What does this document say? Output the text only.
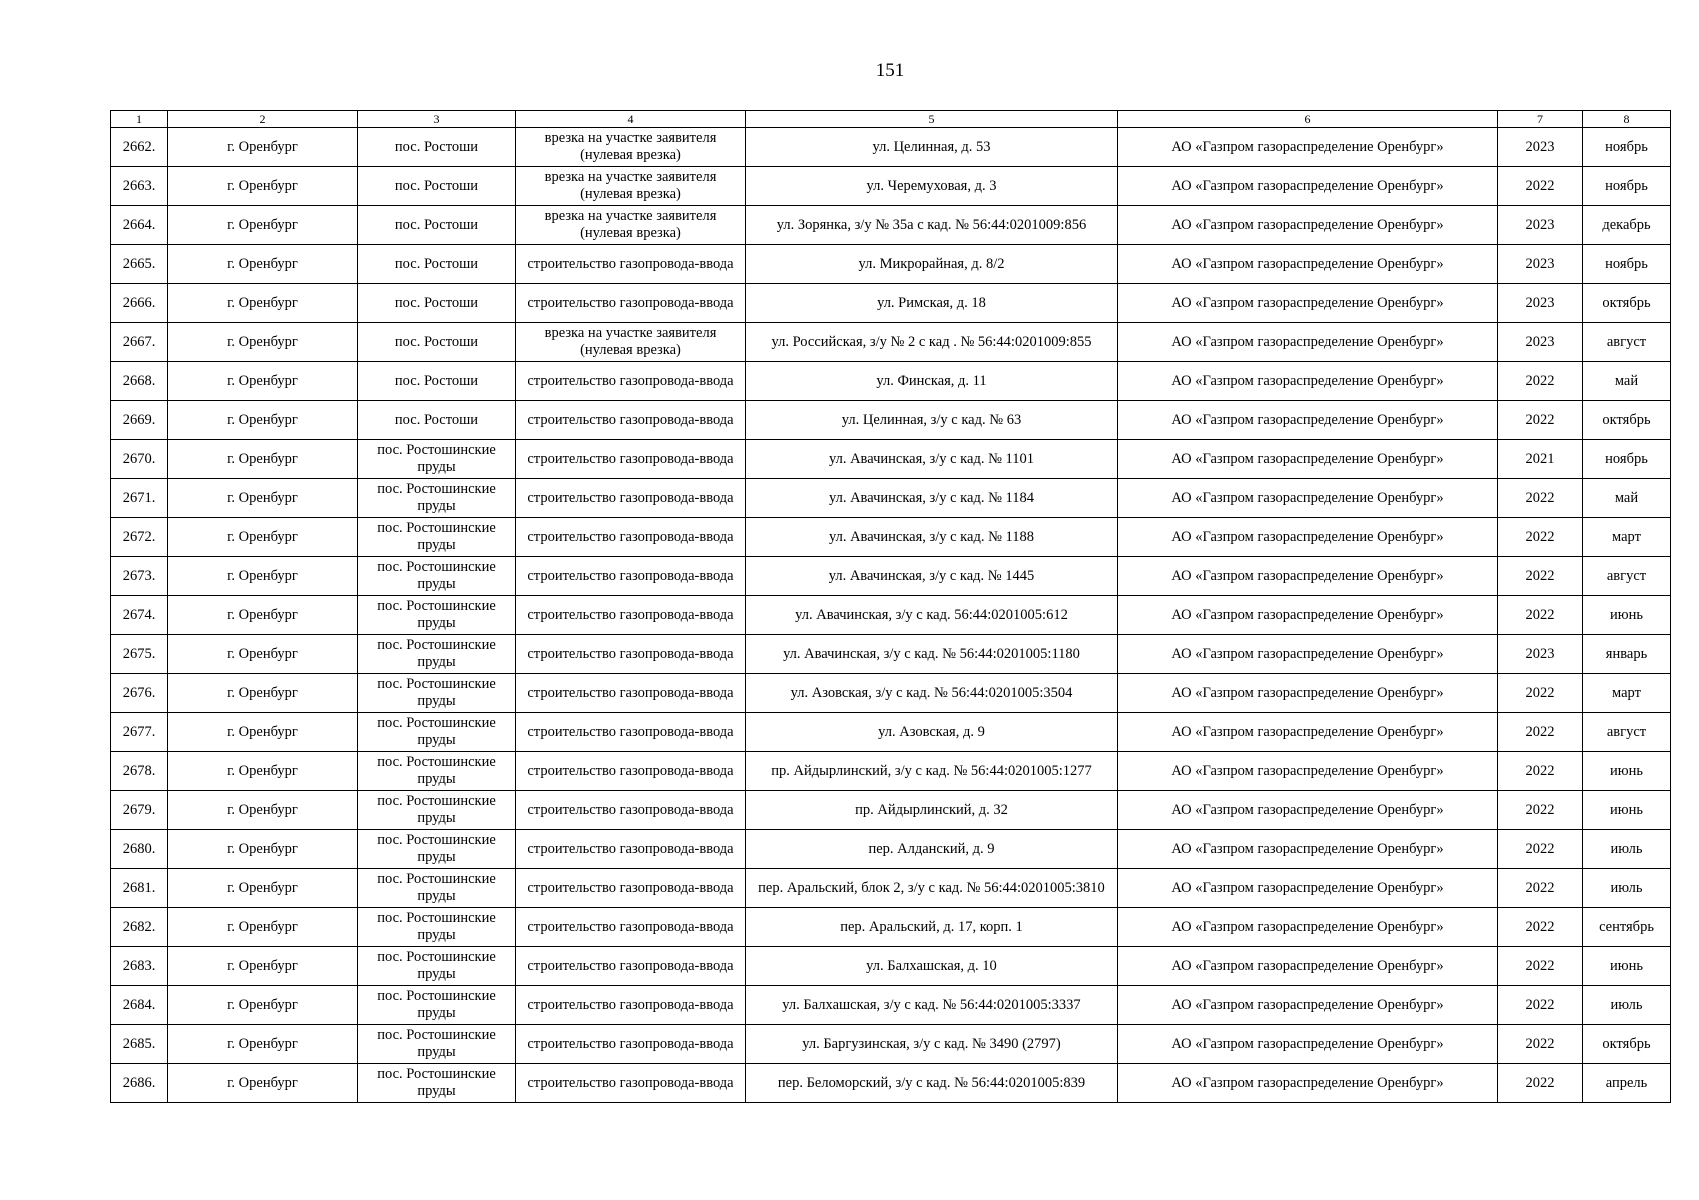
151
1	2	3	4	5	6	7	8
2662.	г. Оренбург	пос. Ростоши	врезка на участке заявителя (нулевая врезка)	ул. Целинная, д. 53	АО «Газпром газораспределение Оренбург»	2023	ноябрь
2663.	г. Оренбург	пос. Ростоши	врезка на участке заявителя (нулевая врезка)	ул. Черемуховая, д. 3	АО «Газпром газораспределение Оренбург»	2022	ноябрь
2664.	г. Оренбург	пос. Ростоши	врезка на участке заявителя (нулевая врезка)	ул. Зорянка, з/у № 35а с кад. № 56:44:0201009:856	АО «Газпром газораспределение Оренбург»	2023	декабрь
2665.	г. Оренбург	пос. Ростоши	строительство газопровода-ввода	ул. Микрорайная, д. 8/2	АО «Газпром газораспределение Оренбург»	2023	ноябрь
2666.	г. Оренбург	пос. Ростоши	строительство газопровода-ввода	ул. Римская, д. 18	АО «Газпром газораспределение Оренбург»	2023	октябрь
2667.	г. Оренбург	пос. Ростоши	врезка на участке заявителя (нулевая врезка)	ул. Российская, з/у № 2 с кад . № 56:44:0201009:855	АО «Газпром газораспределение Оренбург»	2023	август
2668.	г. Оренбург	пос. Ростоши	строительство газопровода-ввода	ул. Финская, д. 11	АО «Газпром газораспределение Оренбург»	2022	май
2669.	г. Оренбург	пос. Ростоши	строительство газопровода-ввода	ул. Целинная, з/у с кад. № 63	АО «Газпром газораспределение Оренбург»	2022	октябрь
2670.	г. Оренбург	пос. Ростошинские пруды	строительство газопровода-ввода	ул. Авачинская, з/у с кад. № 1101	АО «Газпром газораспределение Оренбург»	2021	ноябрь
2671.	г. Оренбург	пос. Ростошинские пруды	строительство газопровода-ввода	ул. Авачинская, з/у с кад. № 1184	АО «Газпром газораспределение Оренбург»	2022	май
2672.	г. Оренбург	пос. Ростошинские пруды	строительство газопровода-ввода	ул. Авачинская, з/у с кад. № 1188	АО «Газпром газораспределение Оренбург»	2022	март
2673.	г. Оренбург	пос. Ростошинские пруды	строительство газопровода-ввода	ул. Авачинская, з/у с кад. № 1445	АО «Газпром газораспределение Оренбург»	2022	август
2674.	г. Оренбург	пос. Ростошинские пруды	строительство газопровода-ввода	ул. Авачинская, з/у с кад. 56:44:0201005:612	АО «Газпром газораспределение Оренбург»	2022	июнь
2675.	г. Оренбург	пос. Ростошинские пруды	строительство газопровода-ввода	ул. Авачинская, з/у с кад. № 56:44:0201005:1180	АО «Газпром газораспределение Оренбург»	2023	январь
2676.	г. Оренбург	пос. Ростошинские пруды	строительство газопровода-ввода	ул. Азовская, з/у с кад. № 56:44:0201005:3504	АО «Газпром газораспределение Оренбург»	2022	март
2677.	г. Оренбург	пос. Ростошинские пруды	строительство газопровода-ввода	ул. Азовская, д. 9	АО «Газпром газораспределение Оренбург»	2022	август
2678.	г. Оренбург	пос. Ростошинские пруды	строительство газопровода-ввода	пр. Айдырлинский, з/у с кад. № 56:44:0201005:1277	АО «Газпром газораспределение Оренбург»	2022	июнь
2679.	г. Оренбург	пос. Ростошинские пруды	строительство газопровода-ввода	пр. Айдырлинский, д. 32	АО «Газпром газораспределение Оренбург»	2022	июнь
2680.	г. Оренбург	пос. Ростошинские пруды	строительство газопровода-ввода	пер. Алданский, д. 9	АО «Газпром газораспределение Оренбург»	2022	июль
2681.	г. Оренбург	пос. Ростошинские пруды	строительство газопровода-ввода	пер. Аральский, блок 2, з/у с кад. № 56:44:0201005:3810	АО «Газпром газораспределение Оренбург»	2022	июль
2682.	г. Оренбург	пос. Ростошинские пруды	строительство газопровода-ввода	пер. Аральский, д. 17, корп. 1	АО «Газпром газораспределение Оренбург»	2022	сентябрь
2683.	г. Оренбург	пос. Ростошинские пруды	строительство газопровода-ввода	ул. Балхашская, д. 10	АО «Газпром газораспределение Оренбург»	2022	июнь
2684.	г. Оренбург	пос. Ростошинские пруды	строительство газопровода-ввода	ул. Балхашская, з/у с кад. № 56:44:0201005:3337	АО «Газпром газораспределение Оренбург»	2022	июль
2685.	г. Оренбург	пос. Ростошинские пруды	строительство газопровода-ввода	ул. Баргузинская, з/у с кад. № 3490 (2797)	АО «Газпром газораспределение Оренбург»	2022	октябрь
2686.	г. Оренбург	пос. Ростошинские пруды	строительство газопровода-ввода	пер. Беломорский, з/у с кад. № 56:44:0201005:839	АО «Газпром газораспределение Оренбург»	2022	апрель
